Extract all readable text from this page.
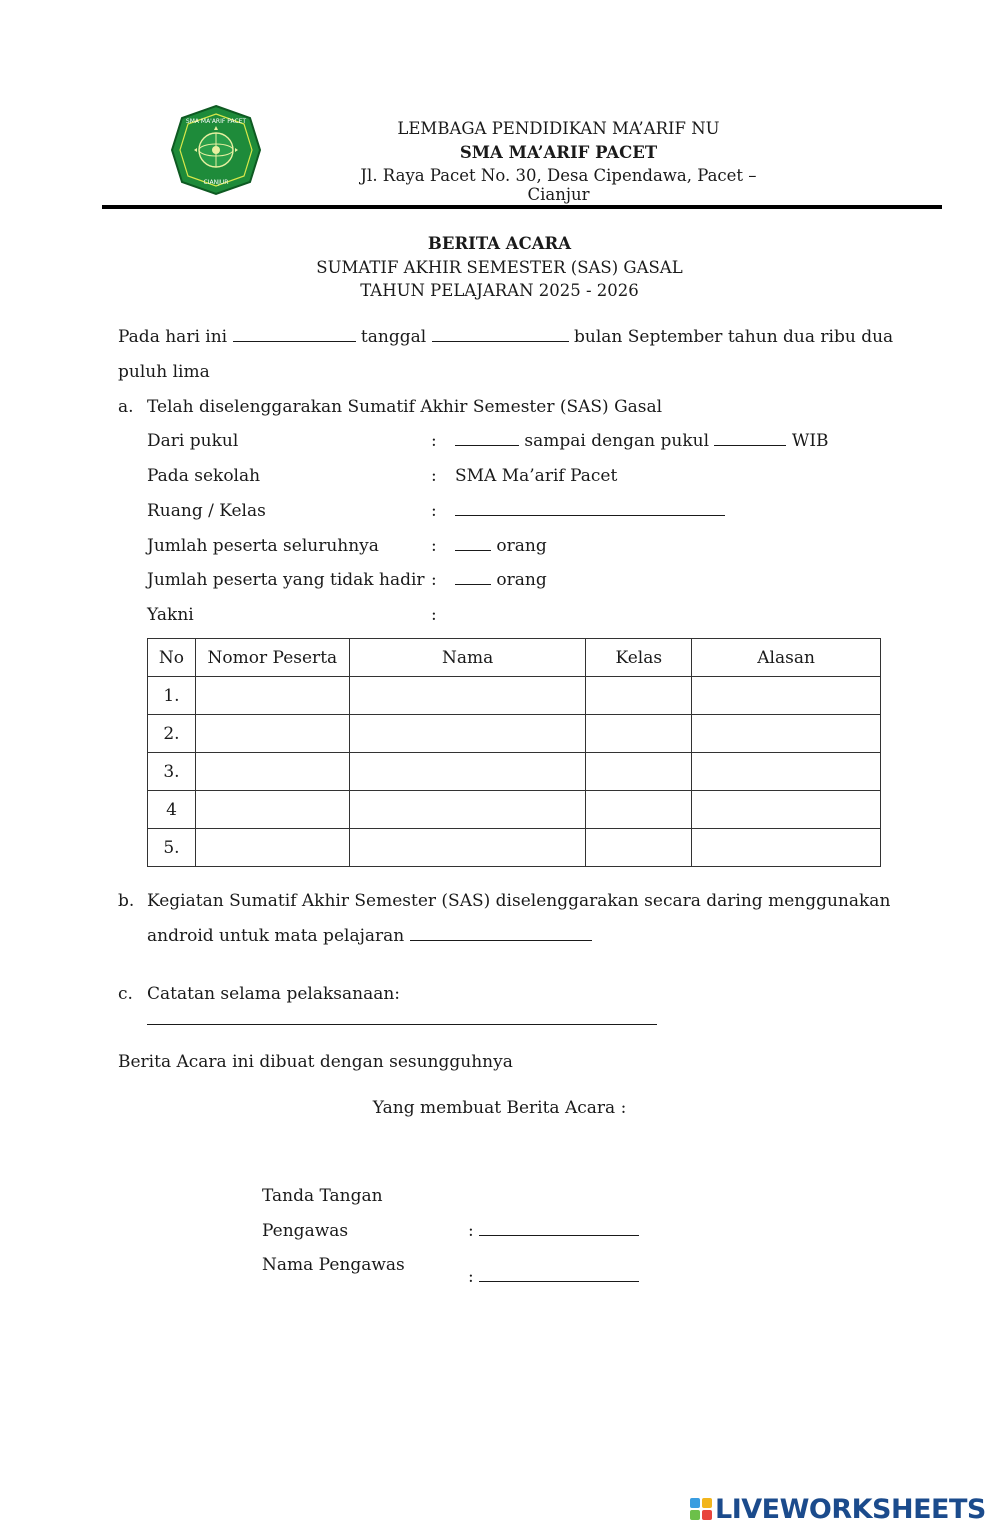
SMA MA'ARIF PACET
CIANJUR
LEMBAGA PENDIDIKAN MA’ARIF NU
SMA MA’ARIF PACET
Jl. Raya Pacet No. 30, Desa Cipendawa, Pacet – Cianjur
BERITA ACARA
SUMATIF AKHIR SEMESTER (SAS) GASAL
TAHUN PELAJARAN 2025 - 2026
Pada hari ini	tanggal	bulan September tahun dua ribu dua
puluh lima
a. Telah diselenggarakan Sumatif Akhir Semester (SAS) Gasal
Dari pukul	:	sampai dengan pukul	WIB
Pada sekolah	: SMA Ma’arif Pacet
Ruang / Kelas	:
Jumlah peserta seluruhnya	:	orang
Jumlah peserta yang tidak hadir :	orang
Yakni	:
No	Nomor Peserta	Nama	Kelas	Alasan
1.				
2.				
3.				
4				
5.				
b. Kegiatan Sumatif Akhir Semester (SAS) diselenggarakan secara daring menggunakan
android untuk mata pelajaran
c. Catatan selama pelaksanaan:
Berita Acara ini dibuat dengan sesungguhnya
Yang membuat Berita Acara :
Tanda Tangan
Pengawas	:
Nama Pengawas
:
LIVEWORKSHEETS
